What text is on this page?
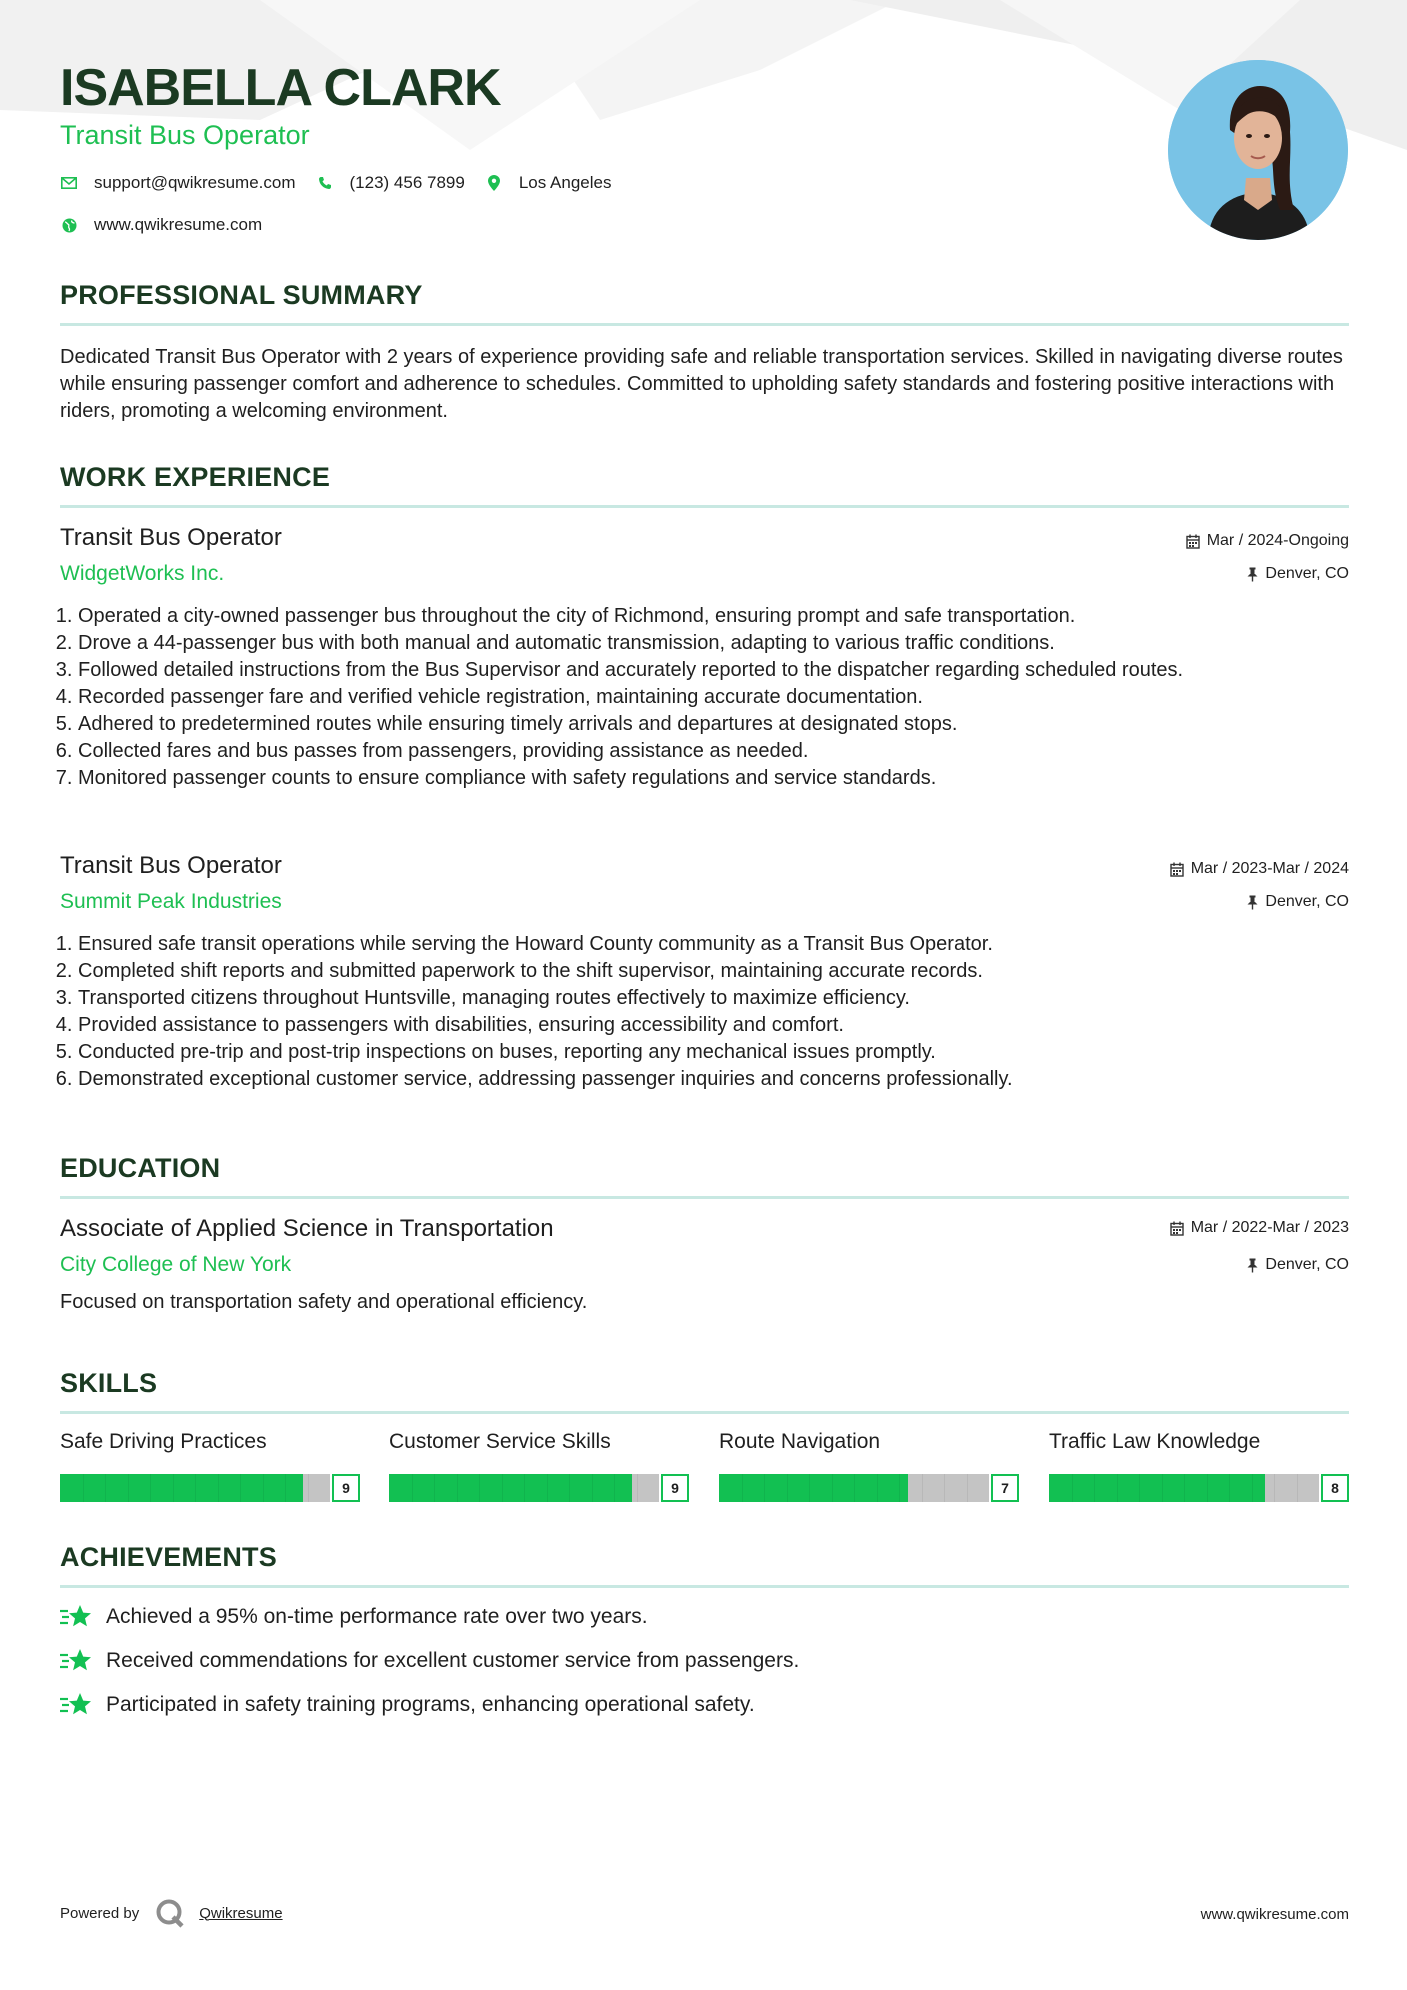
ISABELLA CLARK
Transit Bus Operator
support@qwikresume.com	(123) 456 7899	Los Angeles
www.qwikresume.com
PROFESSIONAL SUMMARY

Dedicated Transit Bus Operator with 2 years of experience providing safe and reliable transportation services. Skilled in navigating diverse routes while ensuring passenger comfort and adherence to schedules. Committed to upholding safety standards and fostering positive interactions with riders, promoting a welcoming environment.

WORK EXPERIENCE
Transit Bus Operator	Mar / 2024-Ongoing
WidgetWorks Inc.	Denver, CO
1. Operated a city-owned passenger bus throughout the city of Richmond, ensuring prompt and safe transportation.
2. Drove a 44-passenger bus with both manual and automatic transmission, adapting to various traffic conditions.
3. Followed detailed instructions from the Bus Supervisor and accurately reported to the dispatcher regarding scheduled routes.
4. Recorded passenger fare and verified vehicle registration, maintaining accurate documentation.
5. Adhered to predetermined routes while ensuring timely arrivals and departures at designated stops.
6. Collected fares and bus passes from passengers, providing assistance as needed.
7. Monitored passenger counts to ensure compliance with safety regulations and service standards.
Transit Bus Operator	Mar / 2023-Mar / 2024
Summit Peak Industries	Denver, CO
1. Ensured safe transit operations while serving the Howard County community as a Transit Bus Operator.
2. Completed shift reports and submitted paperwork to the shift supervisor, maintaining accurate records.
3. Transported citizens throughout Huntsville, managing routes effectively to maximize efficiency.
4. Provided assistance to passengers with disabilities, ensuring accessibility and comfort.
5. Conducted pre-trip and post-trip inspections on buses, reporting any mechanical issues promptly.
6. Demonstrated exceptional customer service, addressing passenger inquiries and concerns professionally.
EDUCATION
Associate of Applied Science in Transportation	Mar / 2022-Mar / 2023
City College of New York	Denver, CO
Focused on transportation safety and operational efficiency.
SKILLS
Safe Driving Practices
9
Customer Service Skills
9
Route Navigation
7
Traffic Law Knowledge
8
ACHIEVEMENTS
Achieved a 95% on-time performance rate over two years.
Received commendations for excellent customer service from passengers.
Participated in safety training programs, enhancing operational safety.
Powered by	Qwikresume	www.qwikresume.com
